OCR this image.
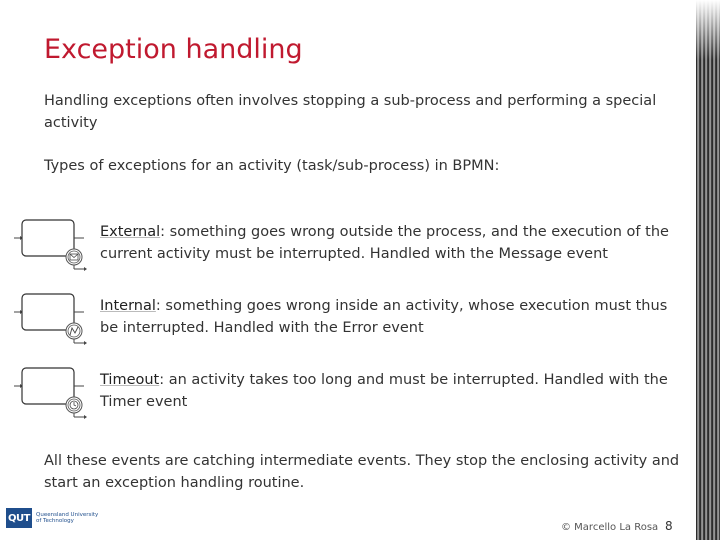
Exception handling

Handling exceptions often involves stopping a sub-process and performing a special activity

Types of exceptions for an activity (task/sub-process) in BPMN:

External: something goes wrong outside the process, and the execution of the current activity must be interrupted. Handled with the Message event
Internal: something goes wrong inside an activity, whose execution must thus be interrupted. Handled with the Error event
Timeout: an activity takes too long and must be interrupted. Handled with the Timer event

All these events are catching intermediate events. They stop the enclosing activity and start an exception handling routine.

QUT	Queensland University
of Technology
© Marcello La Rosa 8
